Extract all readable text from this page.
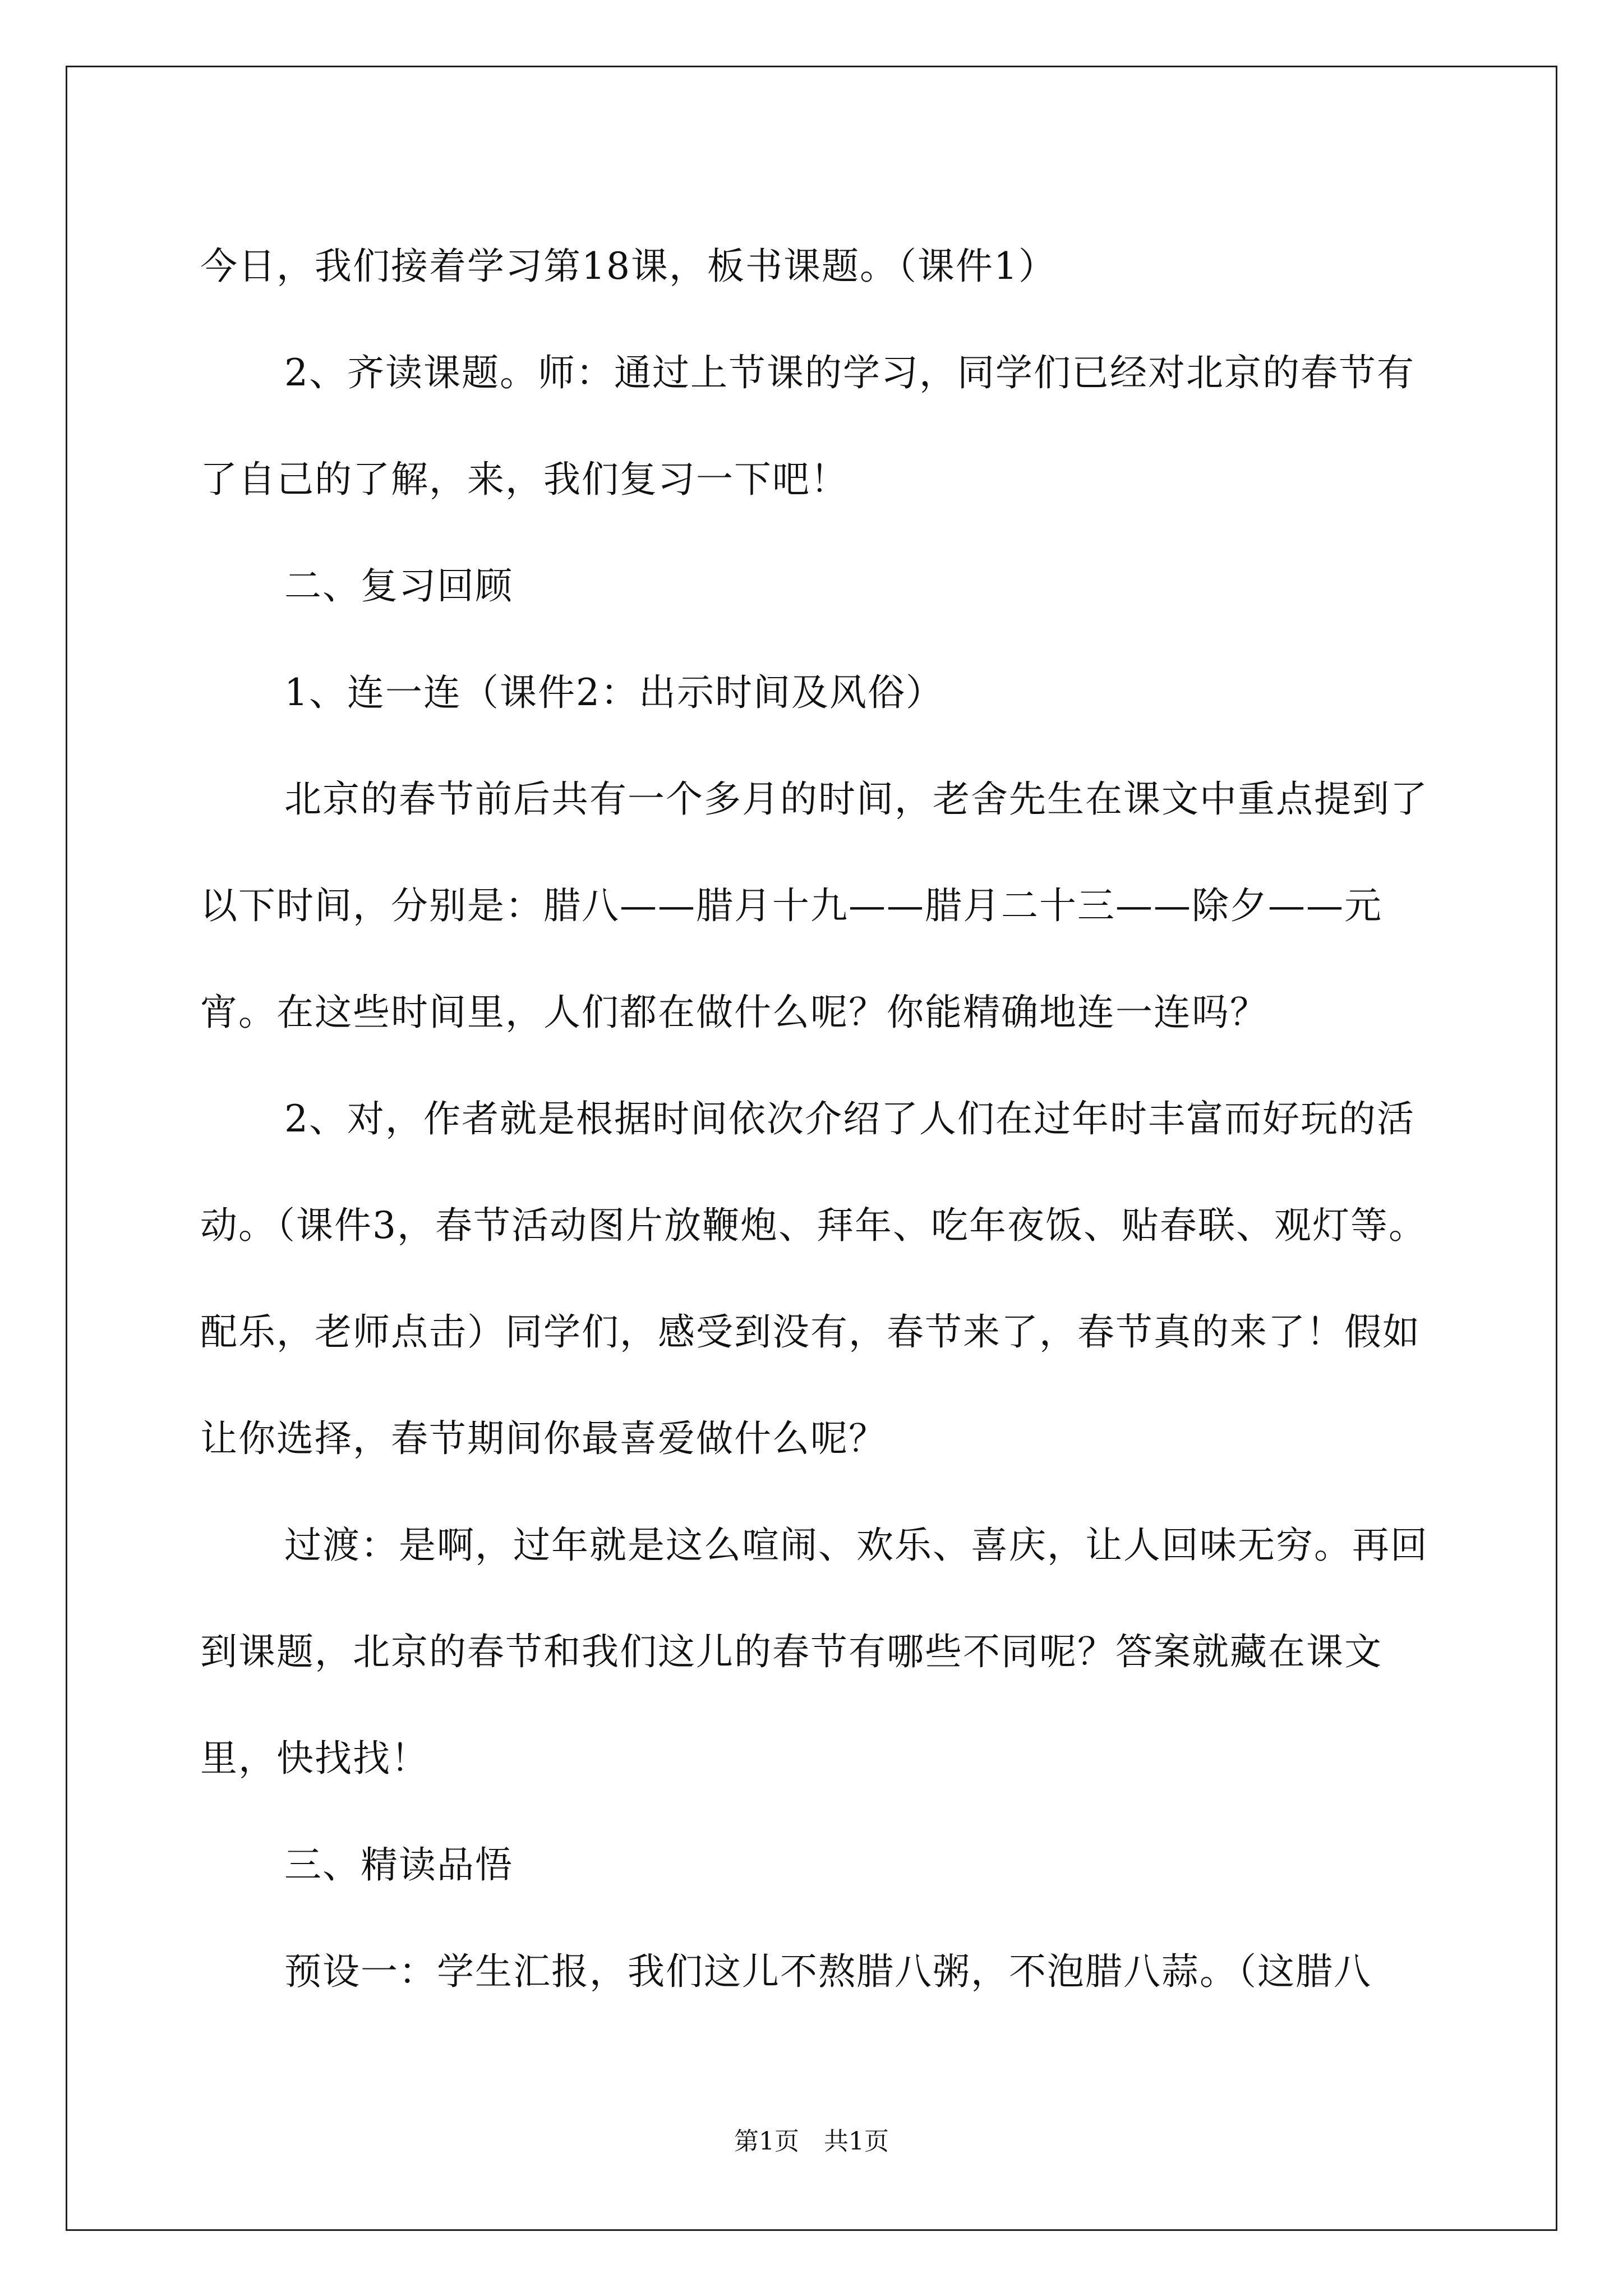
今日，我们接着学习第18课，板书课题。（课件1）

2、齐读课题。师：通过上节课的学习，同学们已经对北京的春节有了自己的了解，来，我们复习一下吧！

二、复习回顾

1、连一连（课件2：出示时间及风俗）

北京的春节前后共有一个多月的时间，老舍先生在课文中重点提到了以下时间，分别是：腊八——腊月十九——腊月二十三——除夕——元宵。在这些时间里，人们都在做什么呢？你能精确地连一连吗？

2、对，作者就是根据时间依次介绍了人们在过年时丰富而好玩的活动。（课件3，春节活动图片放鞭炮、拜年、吃年夜饭、贴春联、观灯等。配乐，老师点击）同学们，感受到没有，春节来了，春节真的来了！假如让你选择，春节期间你最喜爱做什么呢？

过渡：是啊，过年就是这么喧闹、欢乐、喜庆，让人回味无穷。再回到课题，北京的春节和我们这儿的春节有哪些不同呢？答案就藏在课文里，快找找！

三、精读品悟

预设一：学生汇报，我们这儿不熬腊八粥，不泡腊八蒜。（这腊八

第1页　共1页
